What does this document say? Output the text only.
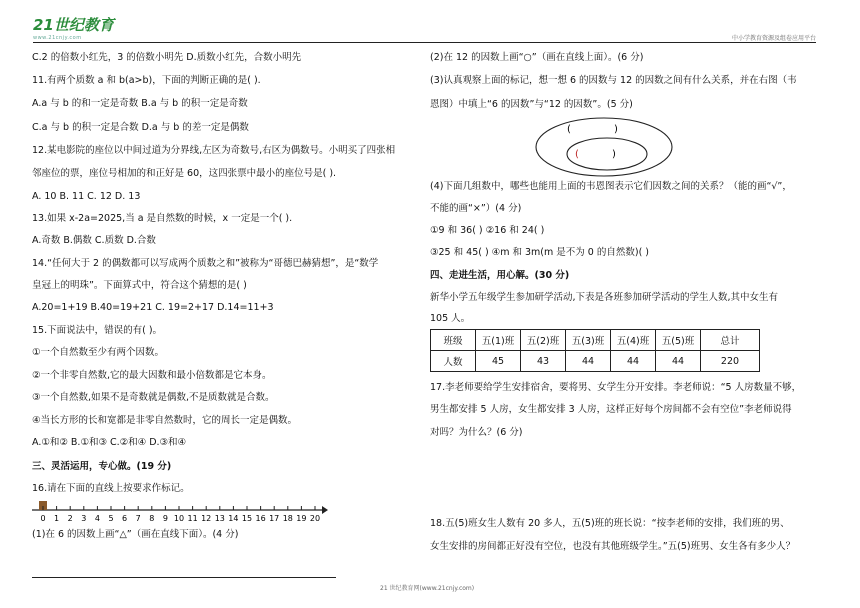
21世纪教育
www.21cnjy.com	中小学教育资源及组卷应用平台
C.2 的倍数小红先，3 的倍数小明先 D.质数小红先，合数小明先
11.有两个质数 a 和 b(a>b)，下面的判断正确的是( ).
A.a 与 b 的和一定是奇数 B.a 与 b 的积一定是奇数
C.a 与 b 的积一定是合数 D.a 与 b 的差一定是偶数
12.某电影院的座位以中间过道为分界线,左区为奇数号,右区为偶数号。小明买了四张相
邻座位的票，座位号相加的和正好是 60，这四张票中最小的座位号是( ).
A. 10 B. 11 C. 12 D. 13
13.如果 x-2a=2025,当 a 是自然数的时候，x 一定是一个( ).
A.奇数 B.偶数 C.质数 D.合数
14.“任何大于 2 的偶数都可以写成两个质数之和”被称为“哥德巴赫猜想”，是“数学
皇冠上的明珠”。下面算式中，符合这个猜想的是( )
A.20=1+19 B.40=19+21 C. 19=2+17 D.14=11+3
15.下面说法中，错误的有( )。
①一个自然数至少有两个因数。
②一个非零自然数,它的最大因数和最小倍数都是它本身。
③一个自然数,如果不是奇数就是偶数,不是质数就是合数。
④当长方形的长和宽都是非零自然数时，它的周长一定是偶数。
A.①和② B.①和③ C.②和④ D.③和④
三、灵活运用，专心做。(19 分)
16.请在下面的直线上按要求作标记。
0 1 2 3 4 5 6 7 8 9 10 11 12 13 14 15 16 17 18 19 20
(1)在 6 的因数上画“△”（画在直线下面）。(4 分)
(2)在 12 的因数上画“○”（画在直线上面）。(6 分)
(3)认真观察上面的标记，想一想 6 的因数与 12 的因数之间有什么关系，并在右图（韦
恩图）中填上“6 的因数”与“12 的因数”。(5 分)
(	)
(	)
(4)下面几组数中，哪些也能用上面的韦恩图表示它们因数之间的关系？（能的画“√”，
不能的画“×”）(4 分)
①9 和 36( ) ②16 和 24( )
③25 和 45( ) ④m 和 3m(m 是不为 0 的自然数)( )
四、走进生活，用心解。(30 分)
新华小学五年级学生参加研学活动,下表是各班参加研学活动的学生人数,其中女生有
105 人。
班级	五(1)班	五(2)班	五(3)班	五(4)班	五(5)班	总计
人数	45	43	44	44	44	220
17.李老师要给学生安排宿舍，要将男、女学生分开安排。李老师说：“5 人房数量不够，
男生都安排 5 人房，女生都安排 3 人房，这样正好每个房间都不会有空位”李老师说得
对吗？为什么？(6 分)
18.五(5)班女生人数有 20 多人，五(5)班的班长说：“按李老师的安排，我们班的男、
女生安排的房间都正好没有空位，也没有其他班级学生。”五(5)班男、女生各有多少人？
21 世纪教育网(www.21cnjy.com)
